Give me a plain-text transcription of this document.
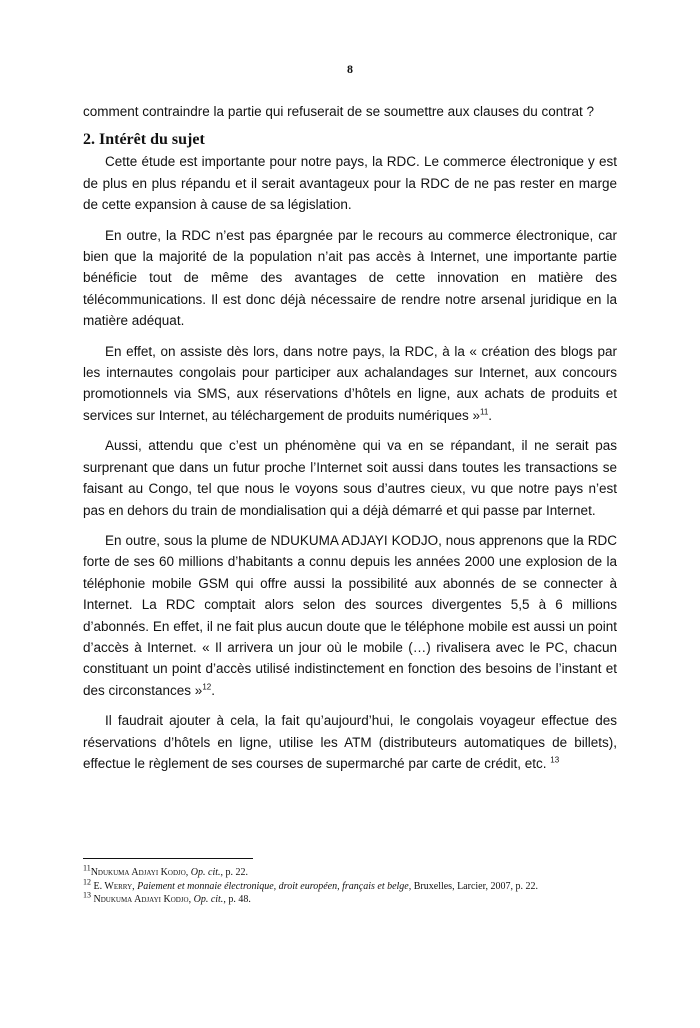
8

comment contraindre la partie qui refuserait de se soumettre aux clauses du contrat ?

2. Intérêt du sujet

Cette étude est importante pour notre pays, la RDC. Le commerce électronique y est de plus en plus répandu et il serait avantageux pour la RDC de ne pas rester en marge de cette expansion à cause de sa législation.

En outre, la RDC n’est pas épargnée par le recours au commerce électronique, car bien que la majorité de la population n’ait pas accès à Internet, une importante partie bénéficie tout de même des avantages de cette innovation en matière des télécommunications. Il est donc déjà nécessaire de rendre notre arsenal juridique en la matière adéquat.

En effet, on assiste dès lors, dans notre pays, la RDC, à la « création des blogs par les internautes congolais pour participer aux achalandages sur Internet, aux concours promotionnels via SMS, aux réservations d’hôtels en ligne, aux achats de produits et services sur Internet, au téléchargement de produits numériques »$^{11}$.

Aussi, attendu que c’est un phénomène qui va en se répandant, il ne serait pas surprenant que dans un futur proche l’Internet soit aussi dans toutes les transactions se faisant au Congo, tel que nous le voyons sous d’autres cieux, vu que notre pays n’est pas en dehors du train de mondialisation qui a déjà démarré et qui passe par Internet.

En outre, sous la plume de NDUKUMA ADJAYI KODJO, nous apprenons que la RDC forte de ses 60 millions d’habitants a connu depuis les années 2000 une explosion de la téléphonie mobile GSM qui offre aussi la possibilité aux abonnés de se connecter à Internet. La RDC comptait alors selon des sources divergentes 5,5 à 6 millions d’abonnés. En effet, il ne fait plus aucun doute que le téléphone mobile est aussi un point d’accès à Internet. « Il arrivera un jour où le mobile (…) rivalisera avec le PC, chacun constituant un point d’accès utilisé indistinctement en fonction des besoins de l’instant et des circonstances »$^{12}$.

Il faudrait ajouter à cela, la fait qu’aujourd’hui, le congolais voyageur effectue des réservations d’hôtels en ligne, utilise les ATM (distributeurs automatiques de billets), effectue le règlement de ses courses de supermarché par carte de crédit, etc. $^{13}$

$^{11}$Ndukuma Adjayi Kodjo, Op. cit., p. 22.
$^{12}$ E. Werry, Paiement et monnaie électronique, droit européen, français et belge, Bruxelles, Larcier, 2007, p. 22.
$^{13}$ Ndukuma Adjayi Kodjo, Op. cit., p. 48.
